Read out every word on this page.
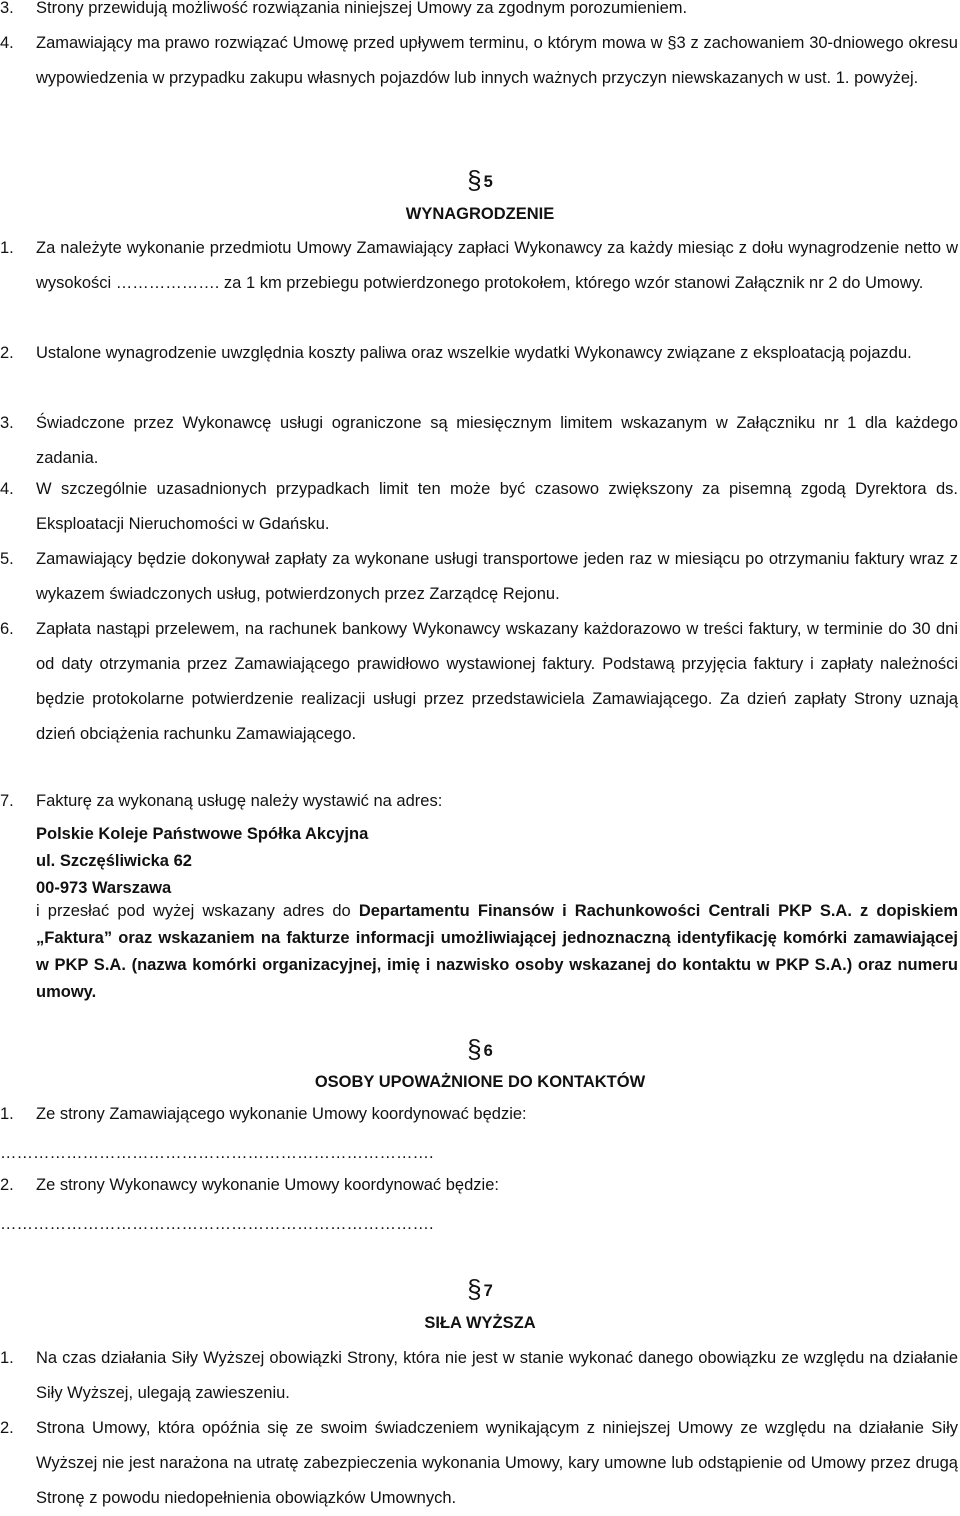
3.	Strony przewidują możliwość rozwiązania niniejszej Umowy za zgodnym porozumieniem.
4.	Zamawiający ma prawo rozwiązać Umowę przed upływem terminu, o którym mowa w §3 z zachowaniem 30-dniowego okresu wypowiedzenia w przypadku zakupu własnych pojazdów lub innych ważnych przyczyn niewskazanych w ust. 1. powyżej.
§ 5
WYNAGRODZENIE
1.	Za należyte wykonanie przedmiotu Umowy Zamawiający zapłaci Wykonawcy za każdy miesiąc z dołu wynagrodzenie netto w wysokości ………………. za 1 km przebiegu potwierdzonego protokołem, którego wzór stanowi Załącznik nr 2 do Umowy.
2.	Ustalone wynagrodzenie uwzględnia koszty paliwa oraz wszelkie wydatki Wykonawcy związane z eksploatacją pojazdu.
3.	Świadczone przez Wykonawcę usługi ograniczone są miesięcznym limitem wskazanym w Załączniku nr 1 dla każdego zadania.
4.	W szczególnie uzasadnionych przypadkach limit ten może być czasowo zwiększony za pisemną zgodą Dyrektora ds. Eksploatacji Nieruchomości w Gdańsku.
5.	Zamawiający będzie dokonywał zapłaty za wykonane usługi transportowe jeden raz w miesiącu po otrzymaniu faktury wraz z wykazem świadczonych usług, potwierdzonych przez Zarządcę Rejonu.
6.	Zapłata nastąpi przelewem, na rachunek bankowy Wykonawcy wskazany każdorazowo w treści faktury, w terminie do 30 dni od daty otrzymania przez Zamawiającego prawidłowo wystawionej faktury. Podstawą przyjęcia faktury i zapłaty należności będzie protokolarne potwierdzenie realizacji usługi przez przedstawiciela Zamawiającego. Za dzień zapłaty Strony uznają dzień obciążenia rachunku Zamawiającego.
7.	Fakturę za wykonaną usługę należy wystawić na adres:
Polskie Koleje Państwowe Spółka Akcyjna
ul. Szczęśliwicka 62
00-973 Warszawa
i przesłać pod wyżej wskazany adres do Departamentu Finansów i Rachunkowości Centrali PKP S.A. z dopiskiem „Faktura” oraz wskazaniem na fakturze informacji umożliwiającej jednoznaczną identyfikację komórki zamawiającej w PKP S.A. (nazwa komórki organizacyjnej, imię i nazwisko osoby wskazanej do kontaktu w PKP S.A.) oraz numeru umowy.
§ 6
OSOBY UPOWAŻNIONE DO KONTAKTÓW
1.	Ze strony Zamawiającego wykonanie Umowy koordynować będzie:
…………………………………………………………………….
2.	Ze strony Wykonawcy wykonanie Umowy koordynować będzie:
…………………………………………………………………….
§ 7
SIŁA WYŻSZA
1.	Na czas działania Siły Wyższej obowiązki Strony, która nie jest w stanie wykonać danego obowiązku ze względu na działanie Siły Wyższej, ulegają zawieszeniu.
2.	Strona Umowy, która opóźnia się ze swoim świadczeniem wynikającym z niniejszej Umowy ze względu na działanie Siły Wyższej nie jest narażona na utratę zabezpieczenia wykonania Umowy, kary umowne lub odstąpienie od Umowy przez drugą Stronę z powodu niedopełnienia obowiązków Umownych.
